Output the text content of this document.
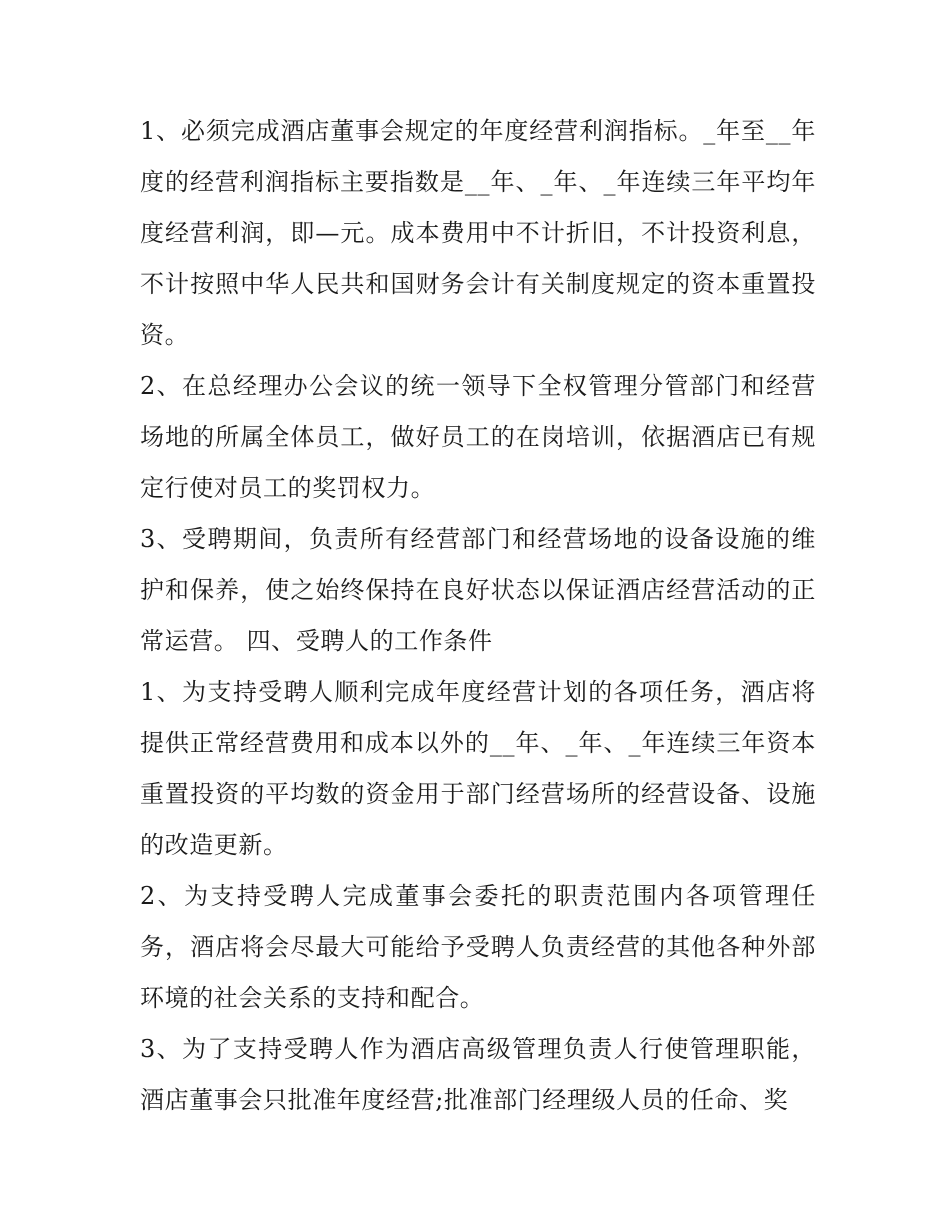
1、必须完成酒店董事会规定的年度经营利润指标。_年至__年度的经营利润指标主要指数是__年、_年、_年连续三年平均年度经营利润，即—元。成本费用中不计折旧，不计投资利息，不计按照中华人民共和国财务会计有关制度规定的资本重置投资。

2、在总经理办公会议的统一领导下全权管理分管部门和经营场地的所属全体员工，做好员工的在岗培训，依据酒店已有规定行使对员工的奖罚权力。

3、受聘期间，负责所有经营部门和经营场地的设备设施的维护和保养，使之始终保持在良好状态以保证酒店经营活动的正常运营。 四、受聘人的工作条件

1、为支持受聘人顺利完成年度经营计划的各项任务，酒店将提供正常经营费用和成本以外的__年、_年、_年连续三年资本重置投资的平均数的资金用于部门经营场所的经营设备、设施的改造更新。

2、为支持受聘人完成董事会委托的职责范围内各项管理任务，酒店将会尽最大可能给予受聘人负责经营的其他各种外部环境的社会关系的支持和配合。

3、为了支持受聘人作为酒店高级管理负责人行使管理职能，酒店董事会只批准年度经营;批准部门经理级人员的任命、奖
